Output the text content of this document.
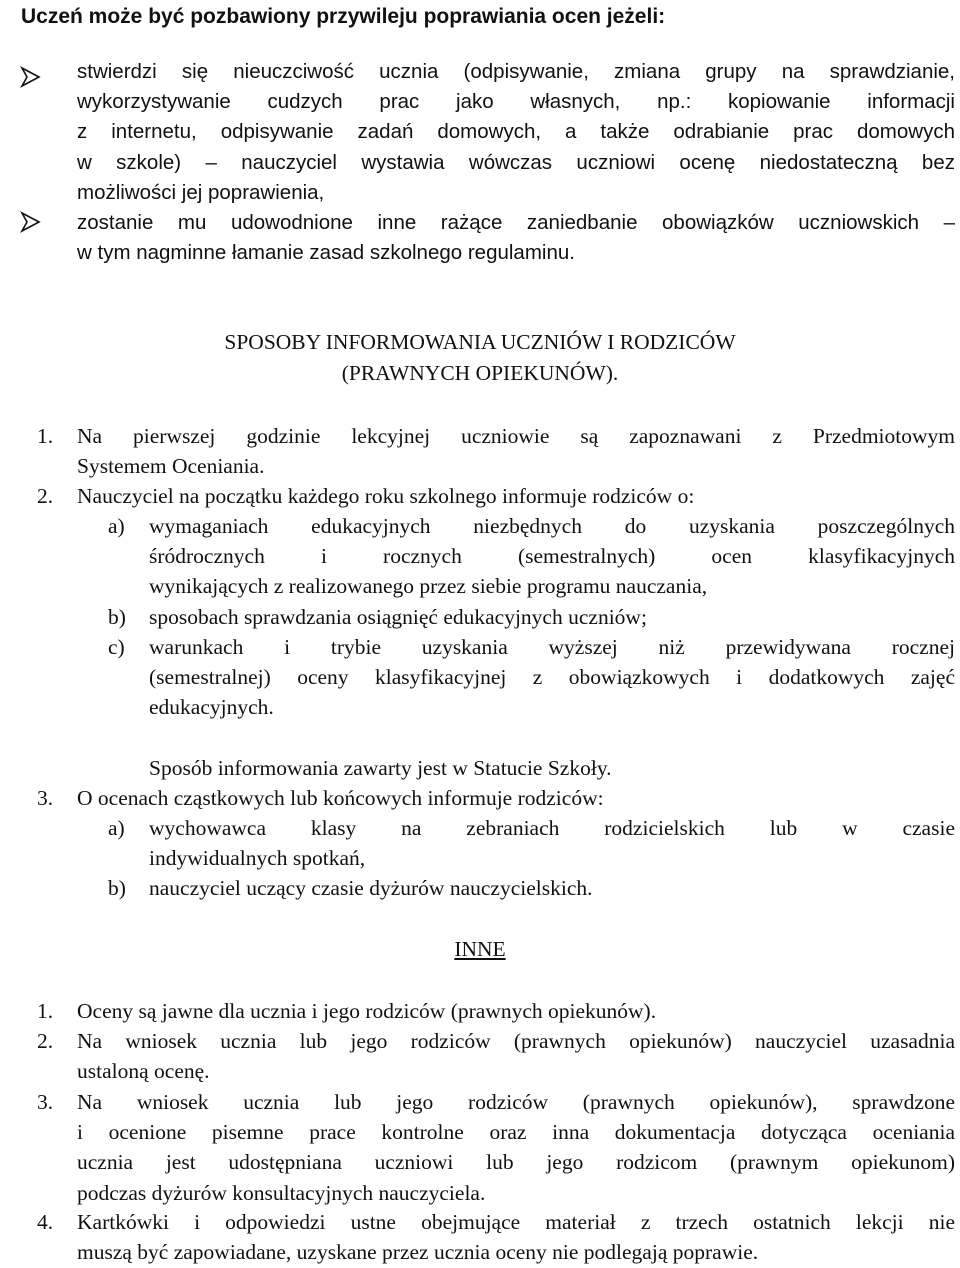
Uczeń może być pozbawiony przywileju poprawiania ocen jeżeli:
stwierdzi się nieuczciwość ucznia (odpisywanie, zmiana grupy na sprawdzianie,
wykorzystywanie cudzych prac jako własnych, np.: kopiowanie informacji
z internetu, odpisywanie zadań domowych, a także odrabianie prac domowych
w szkole) – nauczyciel wystawia wówczas uczniowi ocenę niedostateczną bez
możliwości jej poprawienia,
zostanie mu udowodnione inne rażące zaniedbanie obowiązków uczniowskich –
w tym nagminne łamanie zasad szkolnego regulaminu.
SPOSOBY INFORMOWANIA UCZNIÓW I RODZICÓW
(PRAWNYCH OPIEKUNÓW).
1.	Na pierwszej godzinie lekcyjnej uczniowie są zapoznawani z Przedmiotowym
Systemem Oceniania.
2.	Nauczyciel na początku każdego roku szkolnego informuje rodziców o:
a)	wymaganiach edukacyjnych niezbędnych do uzyskania poszczególnych
śródrocznych i rocznych (semestralnych) ocen klasyfikacyjnych
wynikających z realizowanego przez siebie programu nauczania,
b)	sposobach sprawdzania osiągnięć edukacyjnych uczniów;
c)	warunkach i trybie uzyskania wyższej niż przewidywana rocznej
(semestralnej) oceny klasyfikacyjnej z obowiązkowych i dodatkowych zajęć
edukacyjnych.
Sposób informowania zawarty jest w Statucie Szkoły.
3.	O ocenach cząstkowych lub końcowych informuje rodziców:
a)	wychowawca klasy na zebraniach rodzicielskich lub w czasie
indywidualnych spotkań,
b)	nauczyciel uczący czasie dyżurów nauczycielskich.
INNE
1.	Oceny są jawne dla ucznia i jego rodziców (prawnych opiekunów).
2.	Na wniosek ucznia lub jego rodziców (prawnych opiekunów) nauczyciel uzasadnia
ustaloną ocenę.
3.	Na wniosek ucznia lub jego rodziców (prawnych opiekunów), sprawdzone
i ocenione pisemne prace kontrolne oraz inna dokumentacja dotycząca oceniania
ucznia jest udostępniana uczniowi lub jego rodzicom (prawnym opiekunom)
podczas dyżurów konsultacyjnych nauczyciela.
4.	Kartkówki i odpowiedzi ustne obejmujące materiał z trzech ostatnich lekcji nie
muszą być zapowiadane, uzyskane przez ucznia oceny nie podlegają poprawie.
